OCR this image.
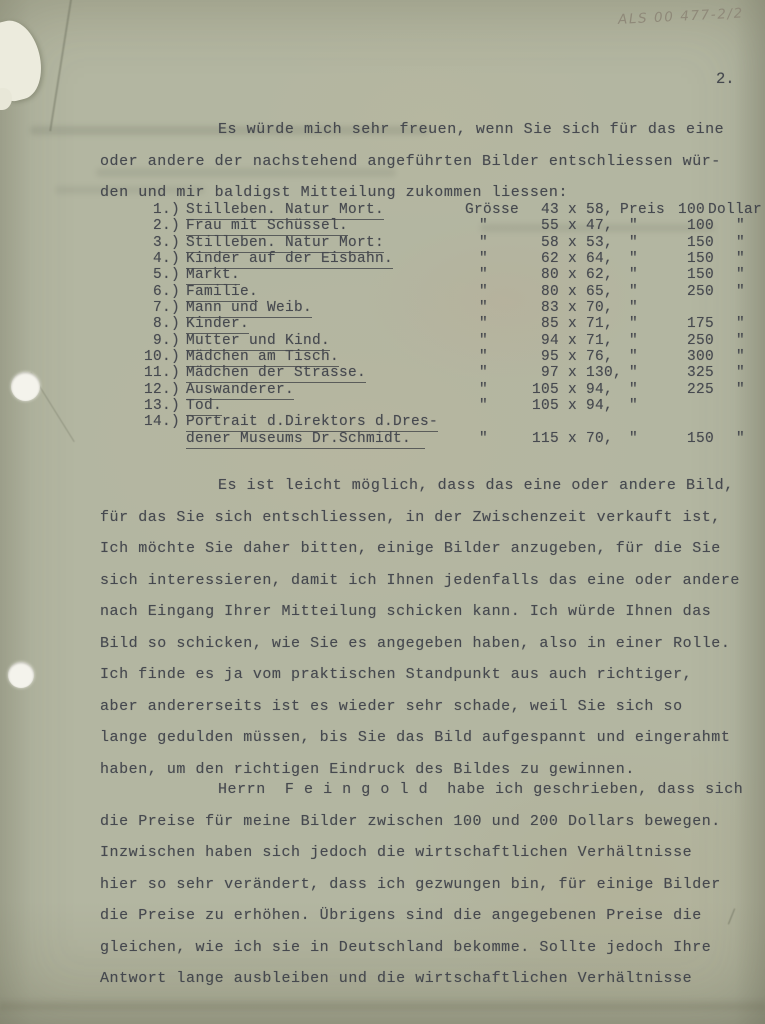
ALS 00 477-2/2
2.
Es würde mich sehr freuen, wenn Sie sich für das eine
oder andere der nachstehend angeführten Bilder entschliessen wür-
den und mir baldigst Mitteilung zukommen liessen:
1.) Stilleben. Natur Mort.	Grösse 43 x 58, Preis 100 Dollar
2.) Frau mit Schüssel.	"	55 x 47,	"	100	"
3.) Stilleben. Natur Mort:	"	58 x 53,	"	150	"
4.) Kinder auf der Eisbahn.	"	62 x 64,	"	150	"
5.) Markt.	"	80 x 62,	"	150	"
6.) Familie.	"	80 x 65,	"	250	"
7.) Mann und Weib.	"	83 x 70,	"
8.) Kinder.	"	85 x 71,	"	175	"
9.) Mutter und Kind.	"	94 x 71,	"	250	"
10.) Mädchen am Tisch.	"	95 x 76,	"	300	"
11.) Mädchen der Strasse.	"	97 x 130, "	325	"
12.) Auswanderer.	"	105 x 94,	"	225	"
13.) Tod.	"	105 x 94,	"
14.) Portrait d.Direktors d.Dres-
dener Museums Dr.Schmidt.	"	115 x 70,	"	150	"
Es ist leicht möglich, dass das eine oder andere Bild,
für das Sie sich entschliessen, in der Zwischenzeit verkauft ist,
Ich möchte Sie daher bitten, einige Bilder anzugeben, für die Sie
sich interessieren, damit ich Ihnen jedenfalls das eine oder andere
nach Eingang Ihrer Mitteilung schicken kann. Ich würde Ihnen das
Bild so schicken, wie Sie es angegeben haben, also in einer Rolle.
Ich finde es ja vom praktischen Standpunkt aus auch richtiger,
aber andererseits ist es wieder sehr schade, weil Sie sich so
lange gedulden müssen, bis Sie das Bild aufgespannt und eingerahmt
haben, um den richtigen Eindruck des Bildes zu gewinnen.
Herrn  F e i n g o l d  habe ich geschrieben, dass sich
die Preise für meine Bilder zwischen 100 und 200 Dollars bewegen.
Inzwischen haben sich jedoch die wirtschaftlichen Verhältnisse
hier so sehr verändert, dass ich gezwungen bin, für einige Bilder
die Preise zu erhöhen. Übrigens sind die angegebenen Preise die
gleichen, wie ich sie in Deutschland bekomme. Sollte jedoch Ihre
Antwort lange ausbleiben und die wirtschaftlichen Verhältnisse
